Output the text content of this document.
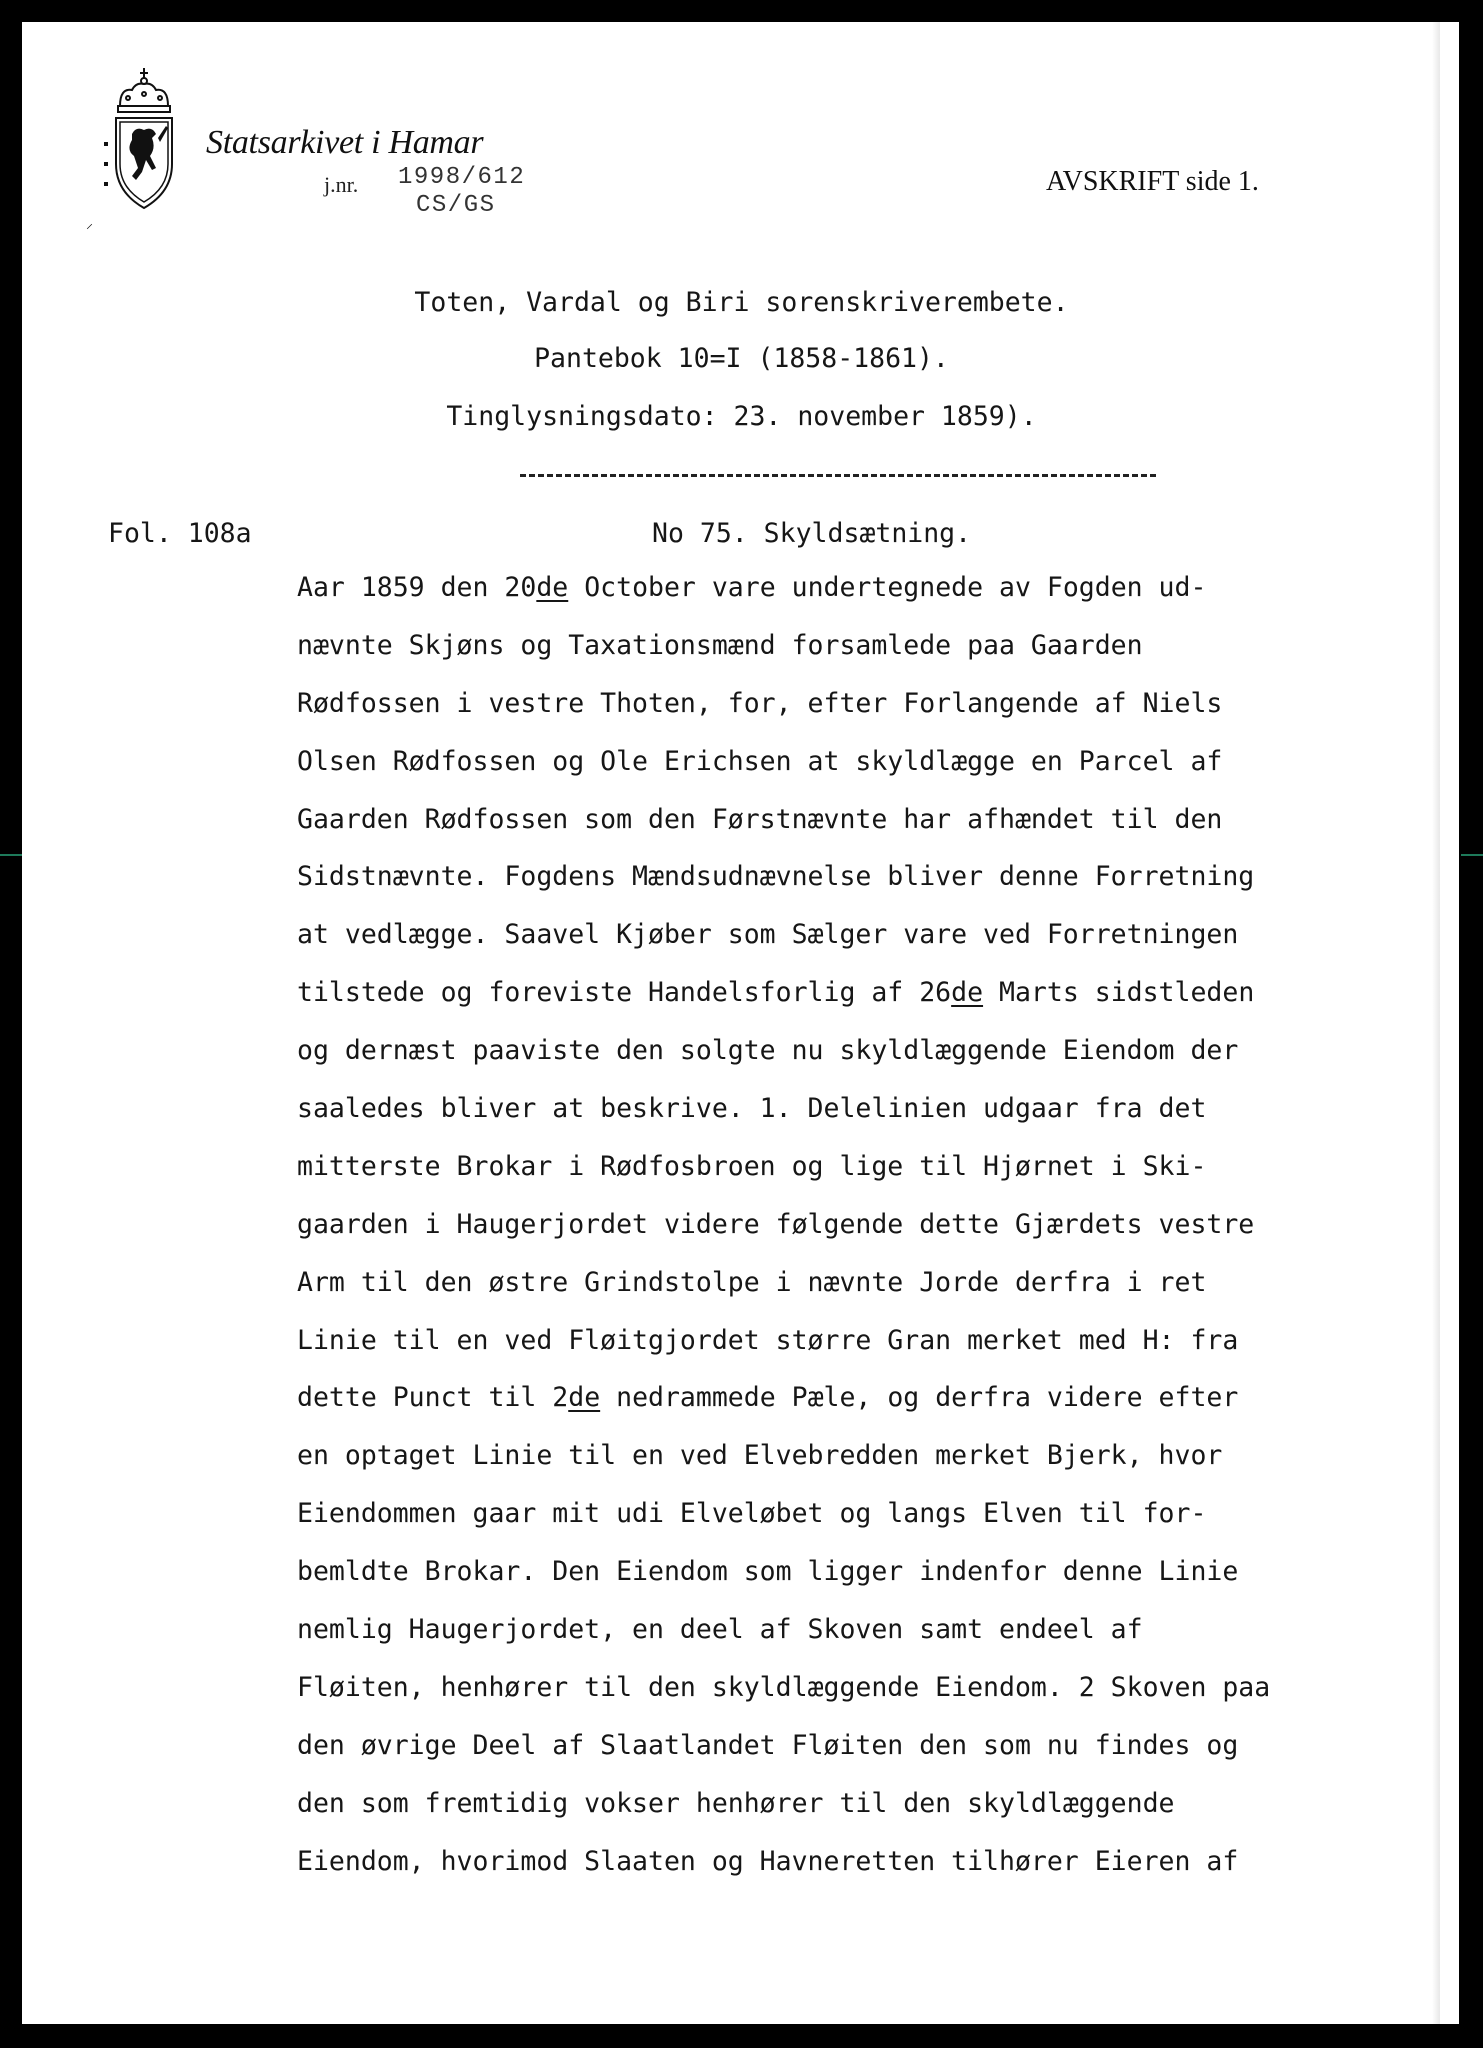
Statsarkivet i Hamar
j.nr. 1998/612
CS/GS
⸝
AVSKRIFT side 1.
Toten, Vardal og Biri sorenskriverembete.
Pantebok 10=I (1858-1861).
Tinglysningsdato: 23. november 1859).
Fol. 108a	No 75. Skyldsætning.
Aar 1859 den 20de October vare undertegnede av Fogden ud-
nævnte Skjøns og Taxationsmænd forsamlede paa Gaarden
Rødfossen i vestre Thoten, for, efter Forlangende af Niels
Olsen Rødfossen og Ole Erichsen at skyldlægge en Parcel af
Gaarden Rødfossen som den Førstnævnte har afhændet til den
Sidstnævnte. Fogdens Mændsudnævnelse bliver denne Forretning
at vedlægge. Saavel Kjøber som Sælger vare ved Forretningen
tilstede og foreviste Handelsforlig af 26de Marts sidstleden
og dernæst paaviste den solgte nu skyldlæggende Eiendom der
saaledes bliver at beskrive. 1. Delelinien udgaar fra det
mitterste Brokar i Rødfosbroen og lige til Hjørnet i Ski-
gaarden i Haugerjordet videre følgende dette Gjærdets vestre
Arm til den østre Grindstolpe i nævnte Jorde derfra i ret
Linie til en ved Fløitgjordet større Gran merket med H: fra
dette Punct til 2de nedrammede Pæle, og derfra videre efter
en optaget Linie til en ved Elvebredden merket Bjerk, hvor
Eiendommen gaar mit udi Elveløbet og langs Elven til for-
bemldte Brokar. Den Eiendom som ligger indenfor denne Linie
nemlig Haugerjordet, en deel af Skoven samt endeel af
Fløiten, henhører til den skyldlæggende Eiendom. 2 Skoven paa
den øvrige Deel af Slaatlandet Fløiten den som nu findes og
den som fremtidig vokser henhører til den skyldlæggende
Eiendom, hvorimod Slaaten og Havneretten tilhører Eieren af
